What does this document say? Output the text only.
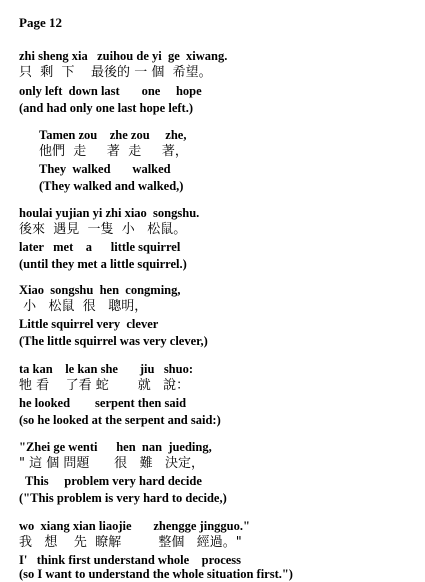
Page 12
zhi sheng xia   zuihou de yi  ge  xiwang.
只  剩  下    最後的 一 個  希望。
only left  down last       one     hope
(and had only one last hope left.)
Tamen zou    zhe zou     zhe,
他們  走     著  走     著，
They  walked       walked
(They walked and walked,)
houlai yujian yi zhi xiao  songshu.
後來  遇見  一隻  小   松鼠。
later   met    a      little squirrel
(until they met a little squirrel.)
Xiao  songshu  hen  congming,
小   松鼠  很   聰明，
Little squirrel very  clever
(The little squirrel was very clever,)
ta kan    le kan she       jiu   shuo:
牠 看    了看 蛇       就   說：
he looked        serpent then said
(so he looked at the serpent and said:)
"Zhei ge wenti      hen  nan  jueding,
" 這 個 問題      很   難   決定，
This     problem very hard decide
("This problem is very hard to decide,)
wo  xiang xian liaojie       zhengge jingguo."
我   想    先  瞭解         整個   經過。"
I'   think first understand whole    process
(so I want to understand the whole situation first.")
